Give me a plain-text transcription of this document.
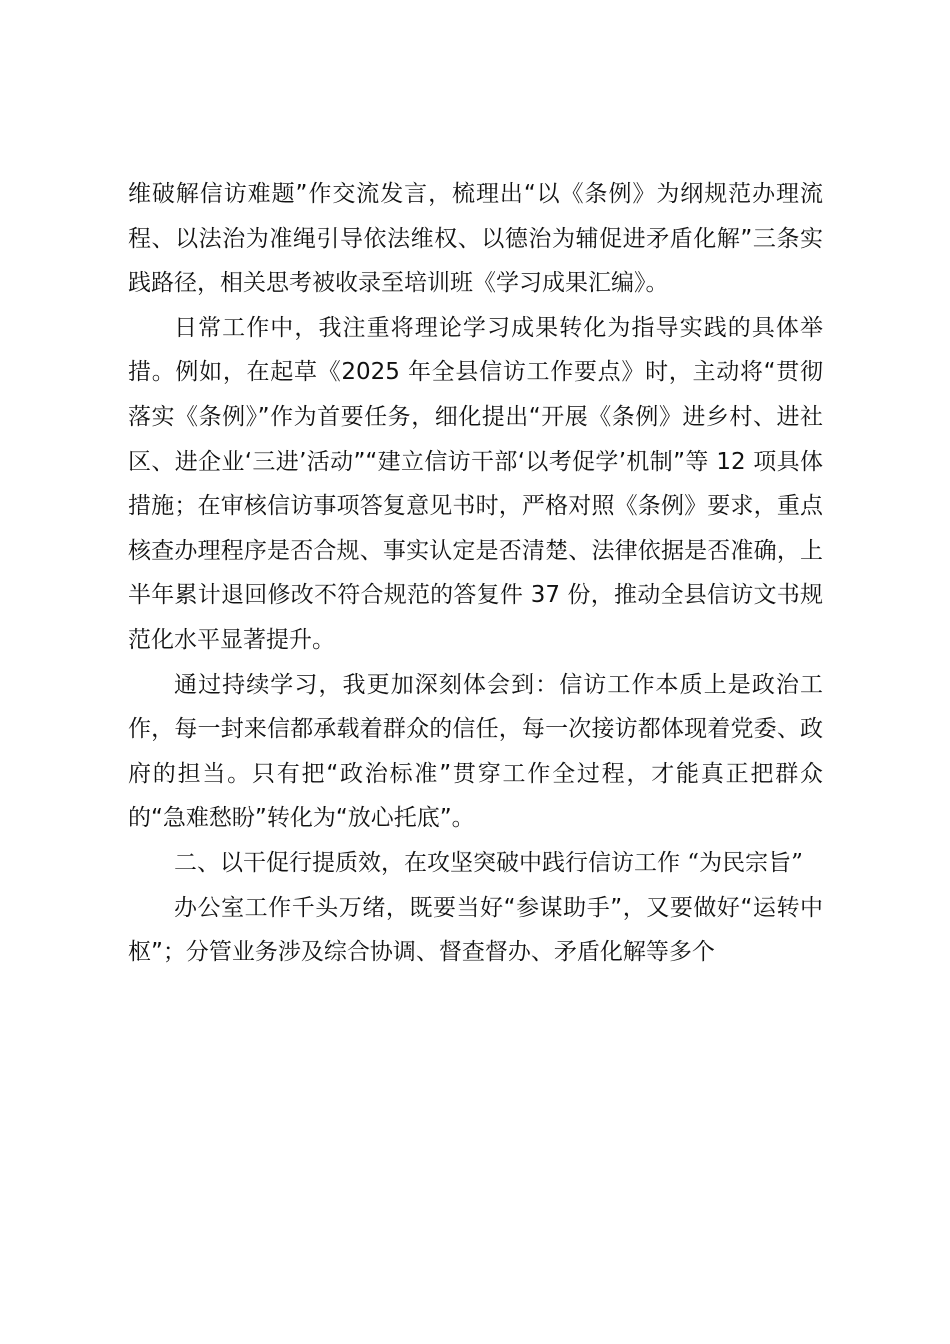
维破解信访难题”作交流发言，梳理出“以《条例》为纲规范办理流程、以法治为准绳引导依法维权、以德治为辅促进矛盾化解”三条实践路径，相关思考被收录至培训班《学习成果汇编》。

日常工作中，我注重将理论学习成果转化为指导实践的具体举措。例如，在起草《2025 年全县信访工作要点》时，主动将“贯彻落实《条例》”作为首要任务，细化提出“开展《条例》进乡村、进社区、进企业‘三进’活动”“建立信访干部‘以考促学’机制”等 12 项具体措施；在审核信访事项答复意见书时，严格对照《条例》要求，重点核查办理程序是否合规、事实认定是否清楚、法律依据是否准确，上半年累计退回修改不符合规范的答复件 37 份，推动全县信访文书规范化水平显著提升。

通过持续学习，我更加深刻体会到：信访工作本质上是政治工作，每一封来信都承载着群众的信任，每一次接访都体现着党委、政府的担当。只有把“政治标准”贯穿工作全过程，才能真正把群众的“急难愁盼”转化为“放心托底”。

二、以干促行提质效，在攻坚突破中践行信访工作 “为民宗旨”

办公室工作千头万绪，既要当好“参谋助手”，又要做好“运转中枢”；分管业务涉及综合协调、督查督办、矛盾化解等多个
